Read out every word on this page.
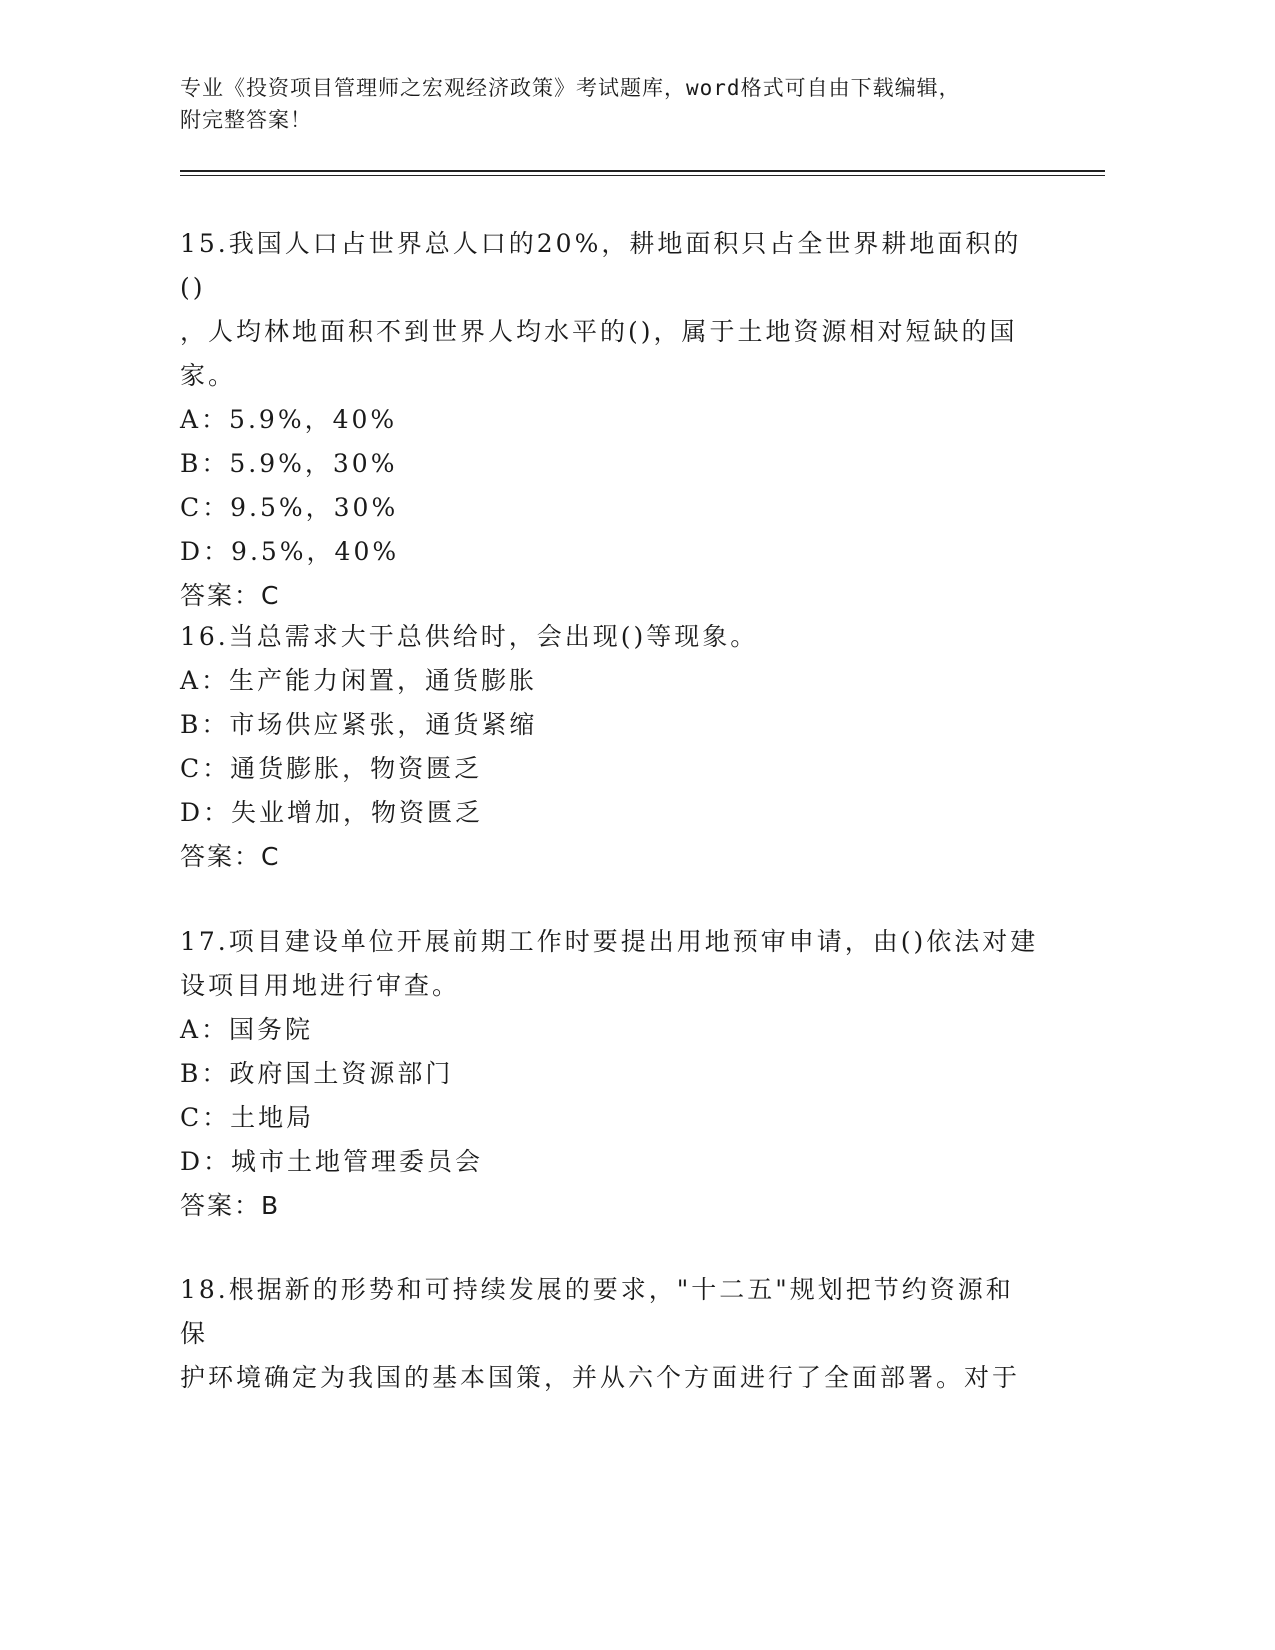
专业《投资项目管理师之宏观经济政策》考试题库，word格式可自由下载编辑，
附完整答案！

15.我国人口占世界总人口的20%，耕地面积只占全世界耕地面积的()

，人均林地面积不到世界人均水平的()，属于土地资源相对短缺的国

家。

A：5.9%，40%

B：5.9%，30%

C：9.5%，30%

D：9.5%，40%

答案：C

16.当总需求大于总供给时，会出现()等现象。

A：生产能力闲置，通货膨胀

B：市场供应紧张，通货紧缩

C：通货膨胀，物资匮乏

D：失业增加，物资匮乏

答案：C

17.项目建设单位开展前期工作时要提出用地预审申请，由()依法对建

设项目用地进行审查。

A：国务院

B：政府国土资源部门

C：土地局

D：城市土地管理委员会

答案：B

18.根据新的形势和可持续发展的要求，"十二五"规划把节约资源和保

护环境确定为我国的基本国策，并从六个方面进行了全面部署。对于
